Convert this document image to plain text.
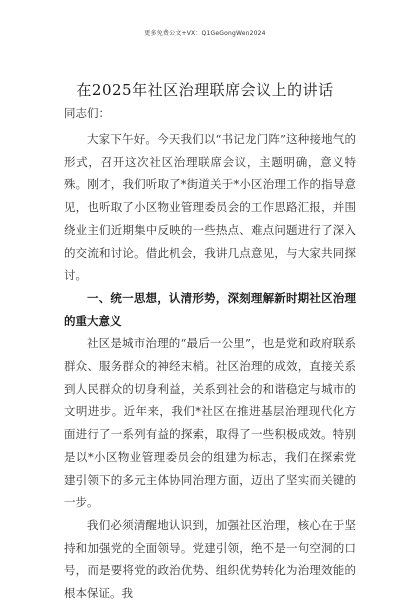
更多免费公文+VX：Q1GeGongWen2024
在2025年社区治理联席会议上的讲话
同志们：

大家下午好。今天我们以“书记龙门阵”这种接地气的形式，召开这次社区治理联席会议，主题明确，意义特殊。刚才，我们听取了*街道关于*小区治理工作的指导意见，也听取了小区物业管理委员会的工作思路汇报，并围绕业主们近期集中反映的一些热点、难点问题进行了深入的交流和讨论。借此机会，我讲几点意见，与大家共同探讨。

一、统一思想，认清形势，深刻理解新时期社区治理的重大意义

社区是城市治理的“最后一公里”，也是党和政府联系群众、服务群众的神经末梢。社区治理的成效，直接关系到人民群众的切身利益，关系到社会的和谐稳定与城市的文明进步。近年来，我们*社区在推进基层治理现代化方面进行了一系列有益的探索，取得了一些积极成效。特别是以*小区物业管理委员会的组建为标志，我们在探索党建引领下的多元主体协同治理方面，迈出了坚实而关键的一步。

我们必须清醒地认识到，加强社区治理，核心在于坚持和加强党的全面领导。党建引领，绝不是一句空洞的口号，而是要将党的政治优势、组织优势转化为治理效能的根本保证。我
